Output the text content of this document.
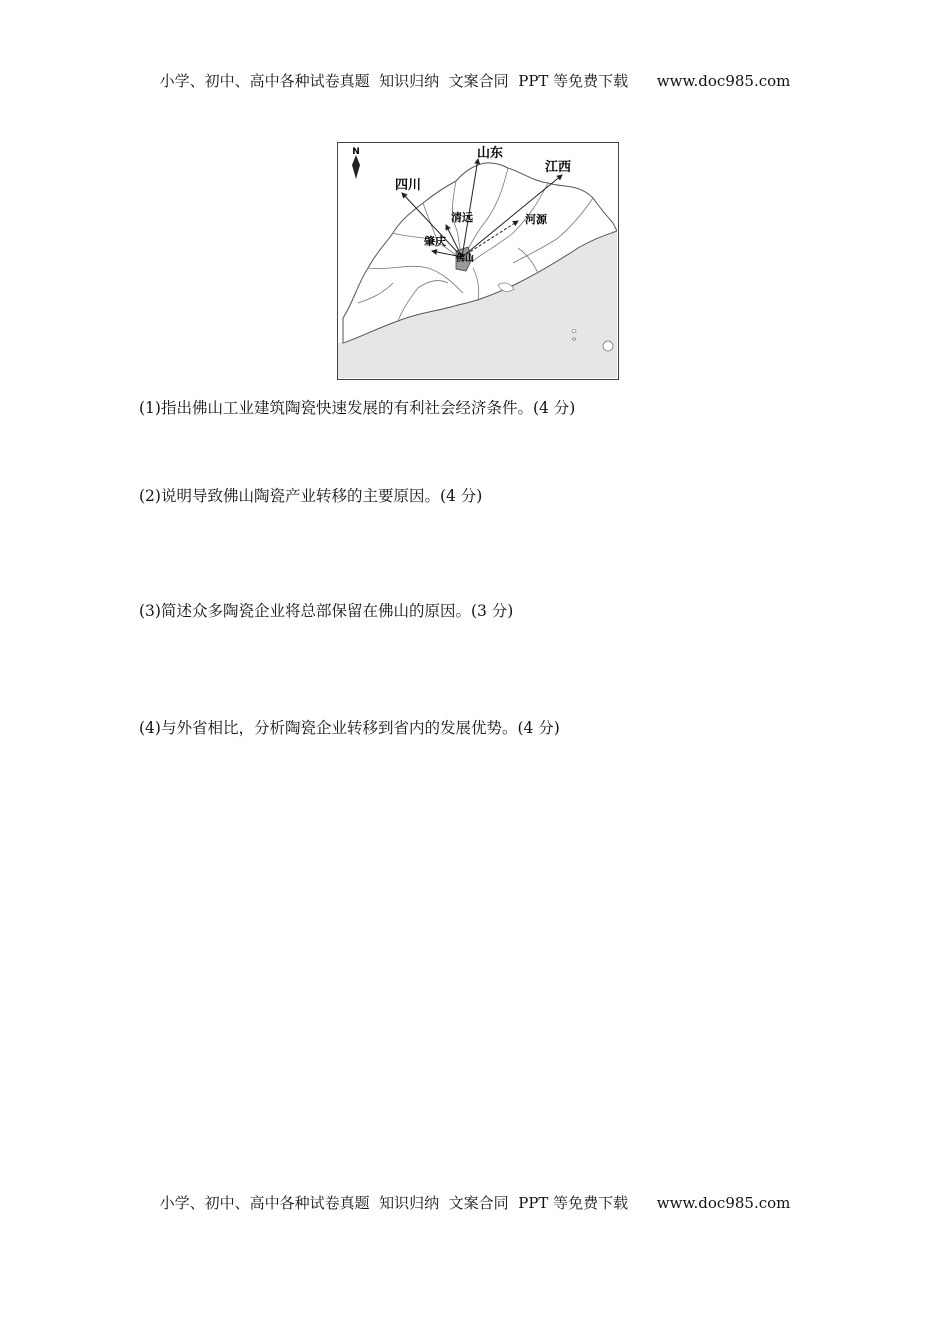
小学、初中、高中各种试卷真题  知识归纳  文案合同  PPT 等免费下载      www.doc985.com
N	山东
江西
四川
清远	河源
肇庆
佛山
(1)指出佛山工业建筑陶瓷快速发展的有利社会经济条件。(4 分)
(2)说明导致佛山陶瓷产业转移的主要原因。(4 分)
(3)简述众多陶瓷企业将总部保留在佛山的原因。(3 分)
(4)与外省相比，分析陶瓷企业转移到省内的发展优势。(4 分)
小学、初中、高中各种试卷真题  知识归纳  文案合同  PPT 等免费下载      www.doc985.com
